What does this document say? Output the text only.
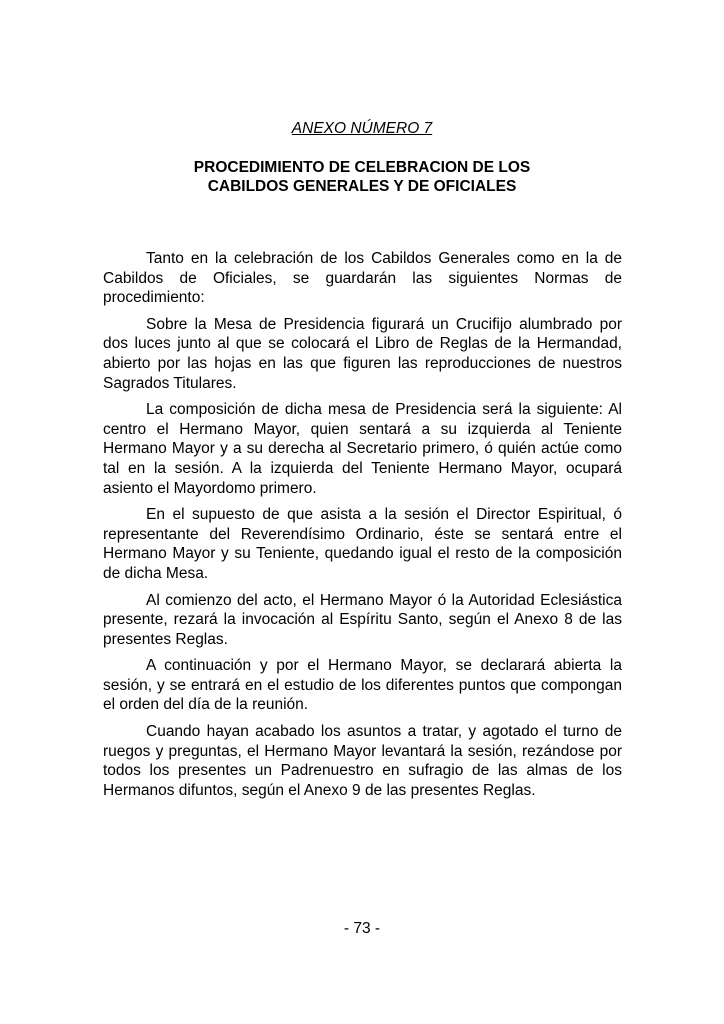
ANEXO NÚMERO 7
PROCEDIMIENTO DE CELEBRACION DE LOS
CABILDOS GENERALES Y DE OFICIALES

Tanto en la celebración de los Cabildos Generales como en la de Cabildos de Oficiales, se guardarán las siguientes Normas de procedimiento:

Sobre la Mesa de Presidencia figurará un Crucifijo alumbrado por dos luces junto al que se colocará el Libro de Reglas de la Hermandad, abierto por las hojas en las que figuren las reproducciones de nuestros Sagrados Titulares.

La composición de dicha mesa de Presidencia será la siguiente: Al centro el Hermano Mayor, quien sentará a su izquierda al Teniente Hermano Mayor y a su derecha al Secretario primero, ó quién actúe como tal en la sesión. A la izquierda del Teniente Hermano Mayor, ocupará asiento el Mayordomo primero.

En el supuesto de que asista a la sesión el Director Espiritual, ó representante del Reverendísimo Ordinario, éste se sentará entre el Hermano Mayor y su Teniente, quedando igual el resto de la composición de dicha Mesa.

Al comienzo del acto, el Hermano Mayor ó la Autoridad Eclesiástica presente, rezará la invocación al Espíritu Santo, según el Anexo 8 de las presentes Reglas.

A continuación y por el Hermano Mayor, se declarará abierta la sesión, y se entrará en el estudio de los diferentes puntos que compongan el orden del día de la reunión.

Cuando hayan acabado los asuntos a tratar, y agotado el turno de ruegos y preguntas, el Hermano Mayor levantará la sesión, rezándose por todos los presentes un Padrenuestro en sufragio de las almas de los Hermanos difuntos, según el Anexo 9 de las presentes Reglas.

- 73 -
